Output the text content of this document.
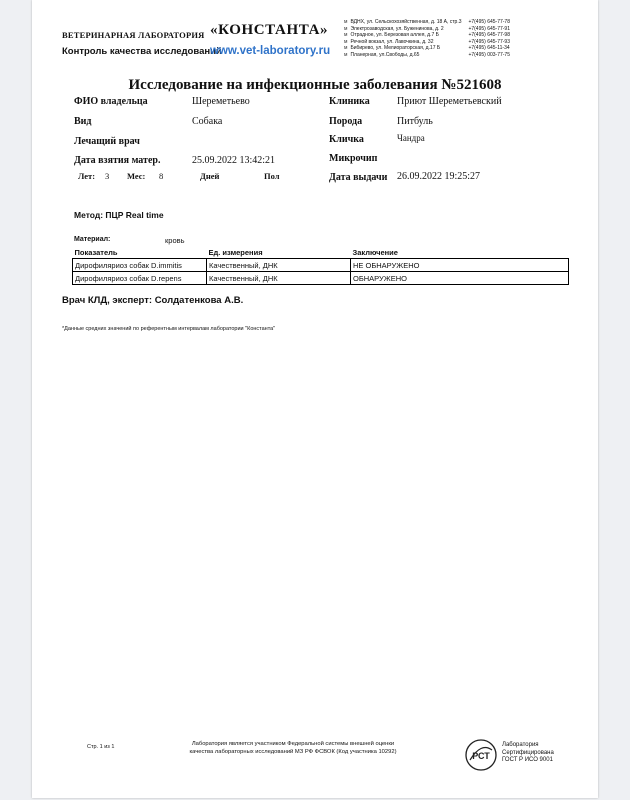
ВЕТЕРИНАРНАЯ ЛАБОРАТОРИЯ «КОНСТАНТА»
Контроль качества исследований
www.vet-laboratory.ru
м ВДНХ, ул. Сельскохозяйственная, д. 18 А, стр.3	+7(495) 645-77-78
м Электрозаводская, ул. Буженинова, д. 2	+7(495) 645-77-91
м Отрадное, ул. Березовая аллея, д.7 Б	+7(495) 645-77-98
м Речной вокзал, ул. Лавочкина, д. 32	+7(495) 645-77-93
м Бибирево, ул. Мелиораторская, д.17 Б	+7(495) 645-11-34
м Планерная, ул.Свободы, д.65	+7(495) 003-77-75
Исследование на инфекционные заболевания №521608
ФИО владельца	Шереметьево
Вид	Собака
Лечащий врач
Дата взятия матер.	25.09.2022 13:42:21
Лет: 3 Мес: 8	Дней	Пол
Клиника	Приют Шереметьевский
Порода	Питбуль
Кличка	Чандра
Микрочип
Дата выдачи 26.09.2022 19:25:27
Метод: ПЦР Real time
Материал:	кровь
Показатель	Ед. измерения	Заключение
Дирофиляриоз собак D.immitis	Качественный, ДНК	НЕ ОБНАРУЖЕНО
Дирофиляриоз собак D.repens	Качественный, ДНК	ОБНАРУЖЕНО
Врач КЛД, эксперт: Солдатенкова А.В.
*Данные средних значений по референтным интервалам лаборатории "Константа"
Стр. 1 из 1	Лаборатория является участником Федеральной системы внешней оценки качества лабораторных исследований МЗ РФ ФСВОК (Код участника 10292)	РСТ
Лаборатория
Сертифицирована
ГОСТ Р ИСО 9001
